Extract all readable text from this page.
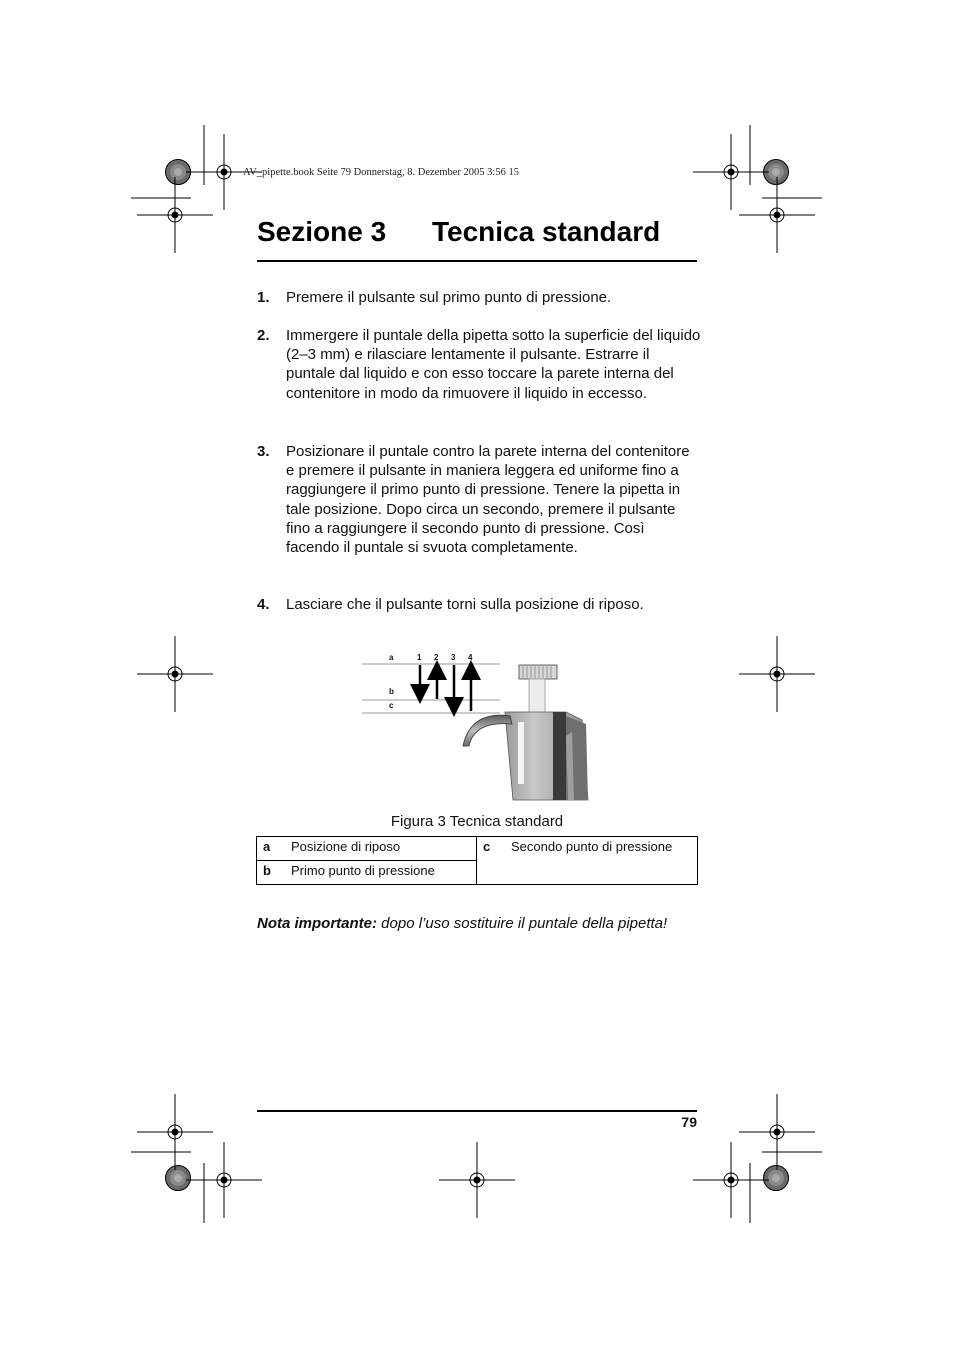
AV_pipette.book Seite 79 Donnerstag, 8. Dezember 2005 3:56 15
Sezione 3 Tecnica standard
1. Premere il pulsante sul primo punto di pressione.
2. Immergere il puntale della pipetta sotto la superficie del liquido (2–3 mm) e rilasciare lentamente il pulsante. Estrarre il puntale dal liquido e con esso toccare la parete interna del contenitore in modo da rimuovere il liquido in eccesso.
3. Posizionare il puntale contro la parete interna del contenitore e premere il pulsante in maniera leggera ed uniforme fino a raggiungere il primo punto di pressione. Tenere la pipetta in tale posizione. Dopo circa un secondo, premere il pulsante fino a raggiungere il secondo punto di pressione. Così facendo il puntale si svuota completamente.
4. Lasciare che il pulsante torni sulla posizione di riposo.
a
b
c
1 2 3 4
Figura 3 Tecnica standard
a	Posizione di riposo	c	Secondo punto di pressione

b	Primo punto di pressione
Nota importante: dopo l’uso sostituire il puntale della pipetta!
79
